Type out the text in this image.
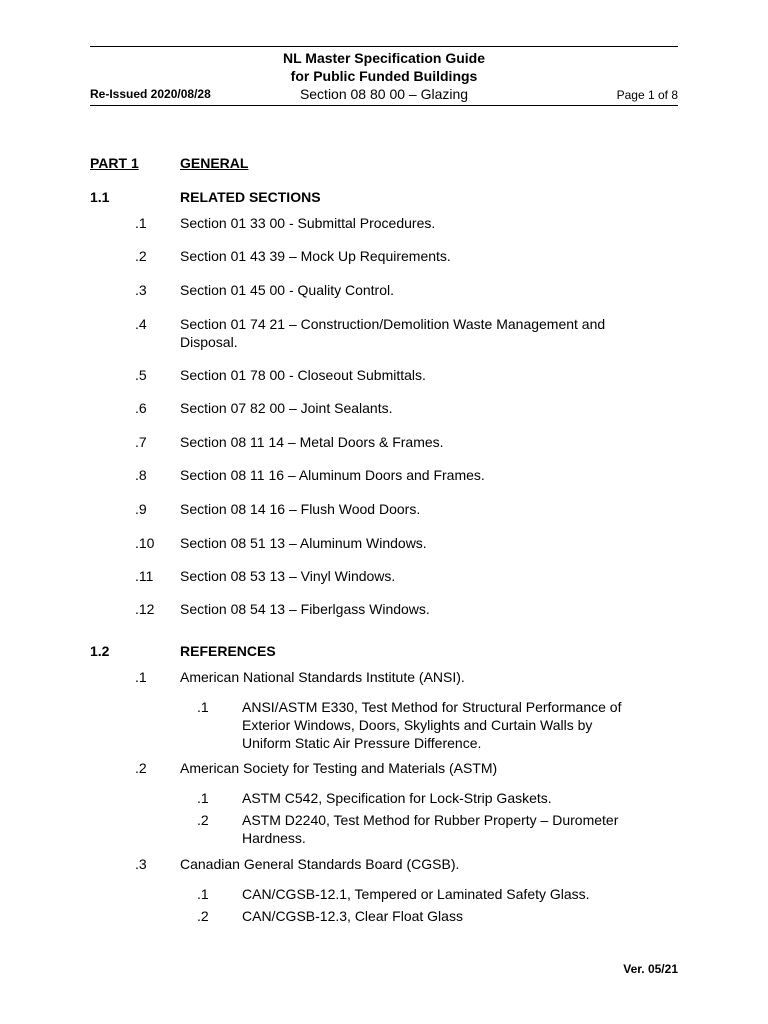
NL Master Specification Guide
for Public Funded Buildings
Re-Issued 2020/08/28	Section 08 80 00 – Glazing	Page 1 of 8
PART 1	GENERAL
1.1	RELATED SECTIONS
.1 Section 01 33 00 - Submittal Procedures.
.2 Section 01 43 39 – Mock Up Requirements.
.3 Section 01 45 00 - Quality Control.
.4 Section 01 74 21 – Construction/Demolition Waste Management and
Disposal.
.5 Section 01 78 00 - Closeout Submittals.
.6 Section 07 82 00 – Joint Sealants.
.7 Section 08 11 14 – Metal Doors & Frames.
.8 Section 08 11 16 – Aluminum Doors and Frames.
.9 Section 08 14 16 – Flush Wood Doors.
.10 Section 08 51 13 – Aluminum Windows.
.11 Section 08 53 13 – Vinyl Windows.
.12 Section 08 54 13 – Fiberlgass Windows.
1.2	REFERENCES
.1 American National Standards Institute (ANSI).
.1 ANSI/ASTM E330, Test Method for Structural Performance of
Exterior Windows, Doors, Skylights and Curtain Walls by
Uniform Static Air Pressure Difference.
.2 American Society for Testing and Materials (ASTM)
.1 ASTM C542, Specification for Lock-Strip Gaskets.
.2 ASTM D2240, Test Method for Rubber Property – Durometer
Hardness.
.3 Canadian General Standards Board (CGSB).
.1 CAN/CGSB-12.1, Tempered or Laminated Safety Glass.
.2 CAN/CGSB-12.3, Clear Float Glass
Ver. 05/21
